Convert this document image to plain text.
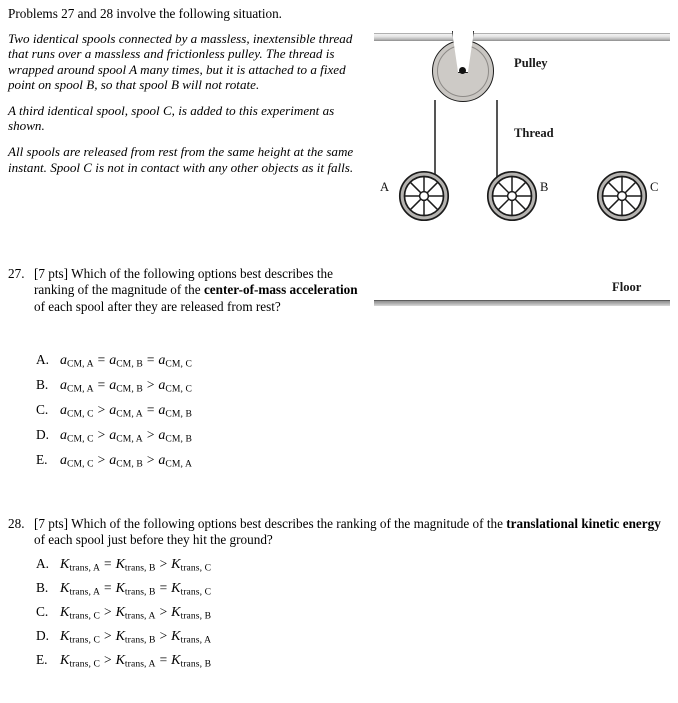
Problems 27 and 28 involve the following situation.

Two identical spools connected by a massless, inextensible thread that runs over a massless and frictionless pulley. The thread is wrapped around spool A many times, but it is attached to a fixed point on spool B, so that spool B will not rotate.

A third identical spool, spool C, is added to this experiment as shown.

All spools are released from rest from the same height at the same instant. Spool C is not in contact with any other objects as it falls.

A	B	C
Pulley
Thread
Floor
27. [7 pts] Which of the following options best describes the ranking of the magnitude of the center-of-mass acceleration of each spool after they are released from rest?
A. $a_{CM, A} = a_{CM, B} = a_{CM, C}$
B. $a_{CM, A} = a_{CM, B} > a_{CM, C}$
C. $a_{CM, C} > a_{CM, A} = a_{CM, B}$
D. $a_{CM, C} > a_{CM, A} > a_{CM, B}$
E. $a_{CM, C} > a_{CM, B} > a_{CM, A}$
28. [7 pts] Which of the following options best describes the ranking of the magnitude of the translational kinetic energy of each spool just before they hit the ground?
A. $K_{trans, A} = K_{trans, B} > K_{trans, C}$
B. $K_{trans, A} = K_{trans, B} = K_{trans, C}$
C. $K_{trans, C} > K_{trans, A} > K_{trans, B}$
D. $K_{trans, C} > K_{trans, B} > K_{trans, A}$
E. $K_{trans, C} > K_{trans, A} = K_{trans, B}$
